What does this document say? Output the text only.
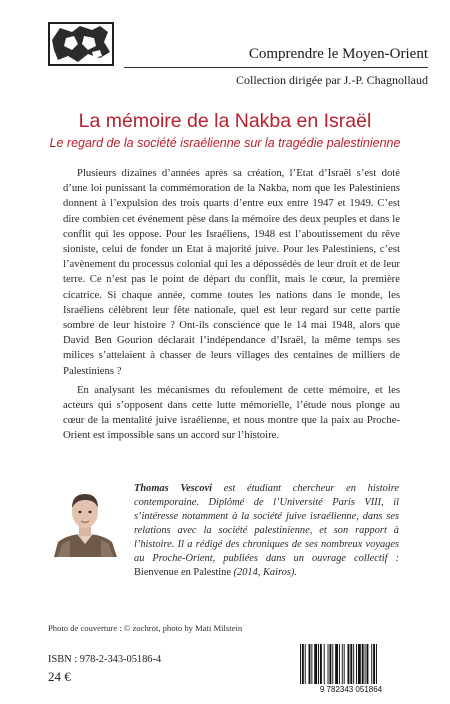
Comprendre le Moyen-Orient
Collection dirigée par J.-P. Chagnollaud
La mémoire de la Nakba en Israël
Le regard de la société israélienne sur la tragédie palestinienne

Plusieurs dizaines d’années après sa création, l’Etat d’Israël s’est doté d’une loi punissant la commémoration de la Nakba, nom que les Palestiniens donnent à l’expulsion des trois quarts d’entre eux entre 1947 et 1949. C’est dire combien cet événement pèse dans la mémoire des deux peuples et dans le conflit qui les oppose. Pour les Israéliens, 1948 est l’aboutissement du rêve sioniste, celui de fonder un Etat à majorité juive. Pour les Palestiniens, c’est l’avènement du processus colonial qui les a dépossédés de leur droit et de leur terre. Ce n’est pas le point de départ du conflit, mais le cœur, la première cicatrice. Si chaque année, comme toutes les nations dans le monde, les Israéliens célèbrent leur fête nationale, quel est leur regard sur cette partie sombre de leur histoire ? Ont-ils conscience que le 14 mai 1948, alors que David Ben Gourion déclarait l’indépendance d’Israël, la même temps ses milices s’attelaient à chasser de leurs villages des centaines de milliers de Palestiniens ?

En analysant les mécanismes du refoulement de cette mémoire, et les acteurs qui s’opposent dans cette lutte mémorielle, l’étude nous plonge au cœur de la mentalité juive israélienne, et nous montre que la paix au Proche-Orient est impossible sans un accord sur l’histoire.

Thomas Vescovi est étudiant chercheur en histoire contemporaine. Diplômé de l’Université Paris VIII, il s’intéresse notamment à la société juive israélienne, dans ses relations avec la société palestinienne, et son rapport à l’histoire. Il a rédigé des chroniques de ses nombreux voyages au Proche-Orient, publiées dans un ouvrage collectif : Bienvenue en Palestine (2014, Kairos).
Photo de couverture : © zochrot, photo by Mati Milstein
ISBN : 978-2-343-05186-4
24 €
9 782343 051864
